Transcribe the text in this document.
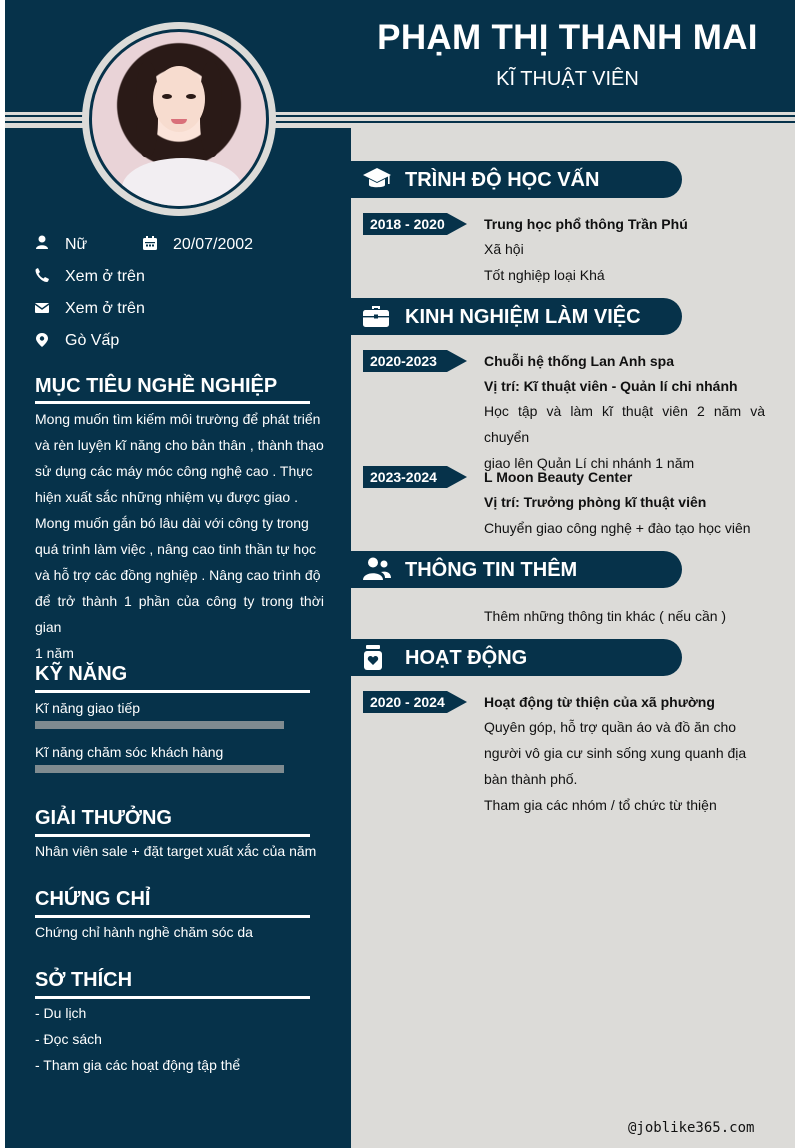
PHẠM THỊ THANH MAI
KĨ THUẬT VIÊN
Nữ	20/07/2002
Xem ở trên
Xem ở trên
Gò Vấp
MỤC TIÊU NGHỀ NGHIỆP
Mong muốn tìm kiếm môi trường để phát triển
và rèn luyện kĩ năng cho bản thân , thành thạo
sử dụng các máy móc công nghệ cao . Thực
hiện xuất sắc những nhiệm vụ được giao .
Mong muốn gắn bó lâu dài với công ty trong
quá trình làm việc , nâng cao tinh thần tự học
và hỗ trợ các đồng nghiệp . Nâng cao trình độ
để trở thành 1 phần của công ty trong thời gian
1 năm
KỸ NĂNG
Kĩ năng giao tiếp
Kĩ năng chăm sóc khách hàng
GIẢI THƯỞNG
Nhân viên sale + đặt target xuất xắc của năm
CHỨNG CHỈ
Chứng chỉ hành nghề chăm sóc da
SỞ THÍCH
- Du lịch
- Đọc sách
- Tham gia các hoạt động tập thể
TRÌNH ĐỘ HỌC VẤN
2018 - 2020	Trung học phổ thông Trần Phú
Xã hội
Tốt nghiệp loại Khá
KINH NGHIỆM LÀM VIỆC
2020-2023	Chuỗi hệ thống Lan Anh spa
Vị trí: Kĩ thuật viên - Quản lí chi nhánh
Học tập và làm kĩ thuật viên 2 năm và chuyển
giao lên Quản Lí chi nhánh 1 năm
2023-2024	L Moon Beauty Center
Vị trí: Trưởng phòng kĩ thuật viên
Chuyển giao công nghệ + đào tạo học viên
THÔNG TIN THÊM
Thêm những thông tin khác ( nếu cần )
HOẠT ĐỘNG
2020 - 2024	Hoạt động từ thiện của xã phường
Quyên góp, hỗ trợ quần áo và đồ ăn cho
người vô gia cư sinh sống xung quanh địa
bàn thành phố.
Tham gia các nhóm / tổ chức từ thiện
@joblike365.com
